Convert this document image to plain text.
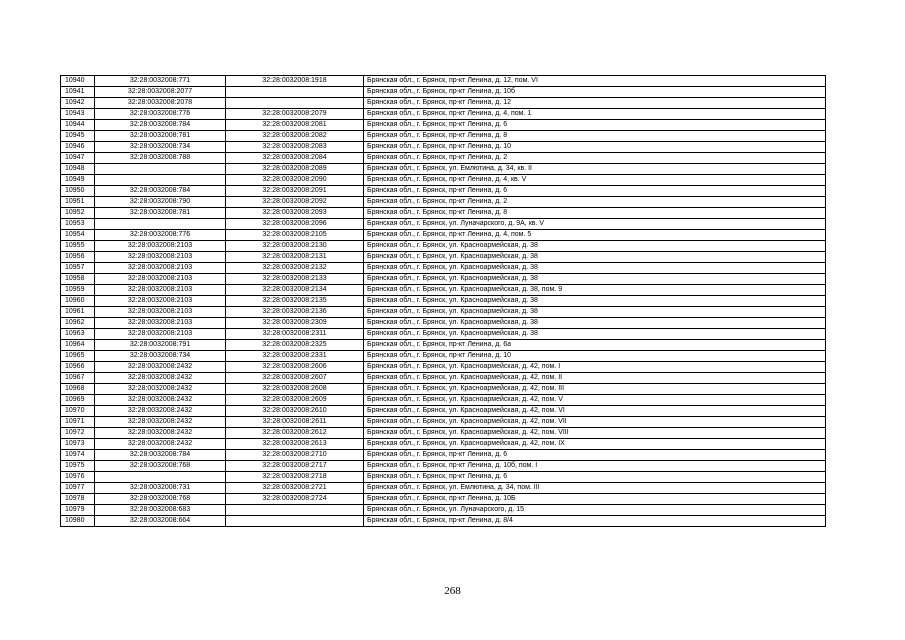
10940	32:28:0032008:771	32:28:0032008:1918	Брянская обл., г. Брянск, пр-кт Ленина, д. 12, пом. VI
10941	32:28:0032008:2077		Брянская обл., г. Брянск, пр-кт Ленина, д. 10б
10942	32:28:0032008:2078		Брянская обл., г. Брянск, пр-кт Ленина, д. 12
10943	32:28:0032008:776	32:28:0032008:2079	Брянская обл., г. Брянск, пр-кт Ленина, д. 4, пом. 1
10944	32:28:0032008:784	32:28:0032008:2081	Брянская обл., г. Брянск, пр-кт Ленина, д. 6
10945	32:28:0032008:781	32:28:0032008:2082	Брянская обл., г. Брянск, пр-кт Ленина, д. 8
10946	32:28:0032008:734	32:28:0032008:2083	Брянская обл., г. Брянск, пр-кт Ленина, д. 10
10947	32:28:0032008:788	32:28:0032008:2084	Брянская обл., г. Брянск, пр-кт Ленина, д. 2
10948		32:28:0032008:2089	Брянская обл., г. Брянск, ул. Емлютина, д. 34, кв. II
10949		32:28:0032008:2090	Брянская обл., г. Брянск, пр-кт Ленина, д. 4, кв. V
10950	32:28:0032008:784	32:28:0032008:2091	Брянская обл., г. Брянск, пр-кт Ленина, д. 6
10951	32:28:0032008:790	32:28:0032008:2092	Брянская обл., г. Брянск, пр-кт Ленина, д. 2
10952	32:28:0032008:781	32:28:0032008:2093	Брянская обл., г. Брянск, пр-кт Ленина, д. 8
10953		32:28:0032008:2096	Брянская обл., г. Брянск, ул. Луначарского, д. 9А, кв. V
10954	32:28:0032008:776	32:28:0032008:2105	Брянская обл., г. Брянск, пр-кт Ленина, д. 4, пом. 5
10955	32:28:0032008:2103	32:28:0032008:2130	Брянская обл., г. Брянск, ул. Красноармейская, д. 38
10956	32:28:0032008:2103	32:28:0032008:2131	Брянская обл., г. Брянск, ул. Красноармейская, д. 38
10957	32:28:0032008:2103	32:28:0032008:2132	Брянская обл., г. Брянск, ул. Красноармейская, д. 38
10958	32:28:0032008:2103	32:28:0032008:2133	Брянская обл., г. Брянск, ул. Красноармейская, д. 38
10959	32:28:0032008:2103	32:28:0032008:2134	Брянская обл., г. Брянск, ул. Красноармейская, д. 38, пом. 9
10960	32:28:0032008:2103	32:28:0032008:2135	Брянская обл., г. Брянск, ул. Красноармейская, д. 38
10961	32:28:0032008:2103	32:28:0032008:2136	Брянская обл., г. Брянск, ул. Красноармейская, д. 38
10962	32:28:0032008:2103	32:28:0032008:2309	Брянская обл., г. Брянск, ул. Красноармейская, д. 38
10963	32:28:0032008:2103	32:28:0032008:2311	Брянская обл., г. Брянск, ул. Красноармейская, д. 38
10964	32:28:0032008:791	32:28:0032008:2325	Брянская обл., г. Брянск, пр-кт Ленина, д. 6а
10965	32:28:0032008:734	32:28:0032008:2331	Брянская обл., г. Брянск, пр-кт Ленина, д. 10
10966	32:28:0032008:2432	32:28:0032008:2606	Брянская обл., г. Брянск, ул. Красноармейская, д. 42, пом. I
10967	32:28:0032008:2432	32:28:0032008:2607	Брянская обл., г. Брянск, ул. Красноармейская, д. 42, пом. II
10968	32:28:0032008:2432	32:28:0032008:2608	Брянская обл., г. Брянск, ул. Красноармейская, д. 42, пом. III
10969	32:28:0032008:2432	32:28:0032008:2609	Брянская обл., г. Брянск, ул. Красноармейская, д. 42, пом. V
10970	32:28:0032008:2432	32:28:0032008:2610	Брянская обл., г. Брянск, ул. Красноармейская, д. 42, пом. VI
10971	32:28:0032008:2432	32:28:0032008:2611	Брянская обл., г. Брянск, ул. Красноармейская, д. 42, пом. VII
10972	32:28:0032008:2432	32:28:0032008:2612	Брянская обл., г. Брянск, ул. Красноармейская, д. 42, пом. VIII
10973	32:28:0032008:2432	32:28:0032008:2613	Брянская обл., г. Брянск, ул. Красноармейская, д. 42, пом. IX
10974	32:28:0032008:784	32:28:0032008:2710	Брянская обл., г. Брянск, пр-кт Ленина, д. 6
10975	32:28:0032008:768	32:28:0032008:2717	Брянская обл., г. Брянск, пр-кт Ленина, д. 10б, пом. I
10976		32:28:0032008:2718	Брянская обл., г. Брянск, пр-кт Ленина, д. 6
10977	32:28:0032008:731	32:28:0032008:2721	Брянская обл., г. Брянск, ул. Емлютина, д. 34, пом. III
10978	32:28:0032008:768	32:28:0032008:2724	Брянская обл., г. Брянск, пр-кт Ленина, д. 10Б
10979	32:28:0032008:683		Брянская обл., г. Брянск, ул. Луначарского, д. 15
10980	32:28:0032008:664		Брянская обл., г. Брянск, пр-кт Ленина, д. 8/4
268
